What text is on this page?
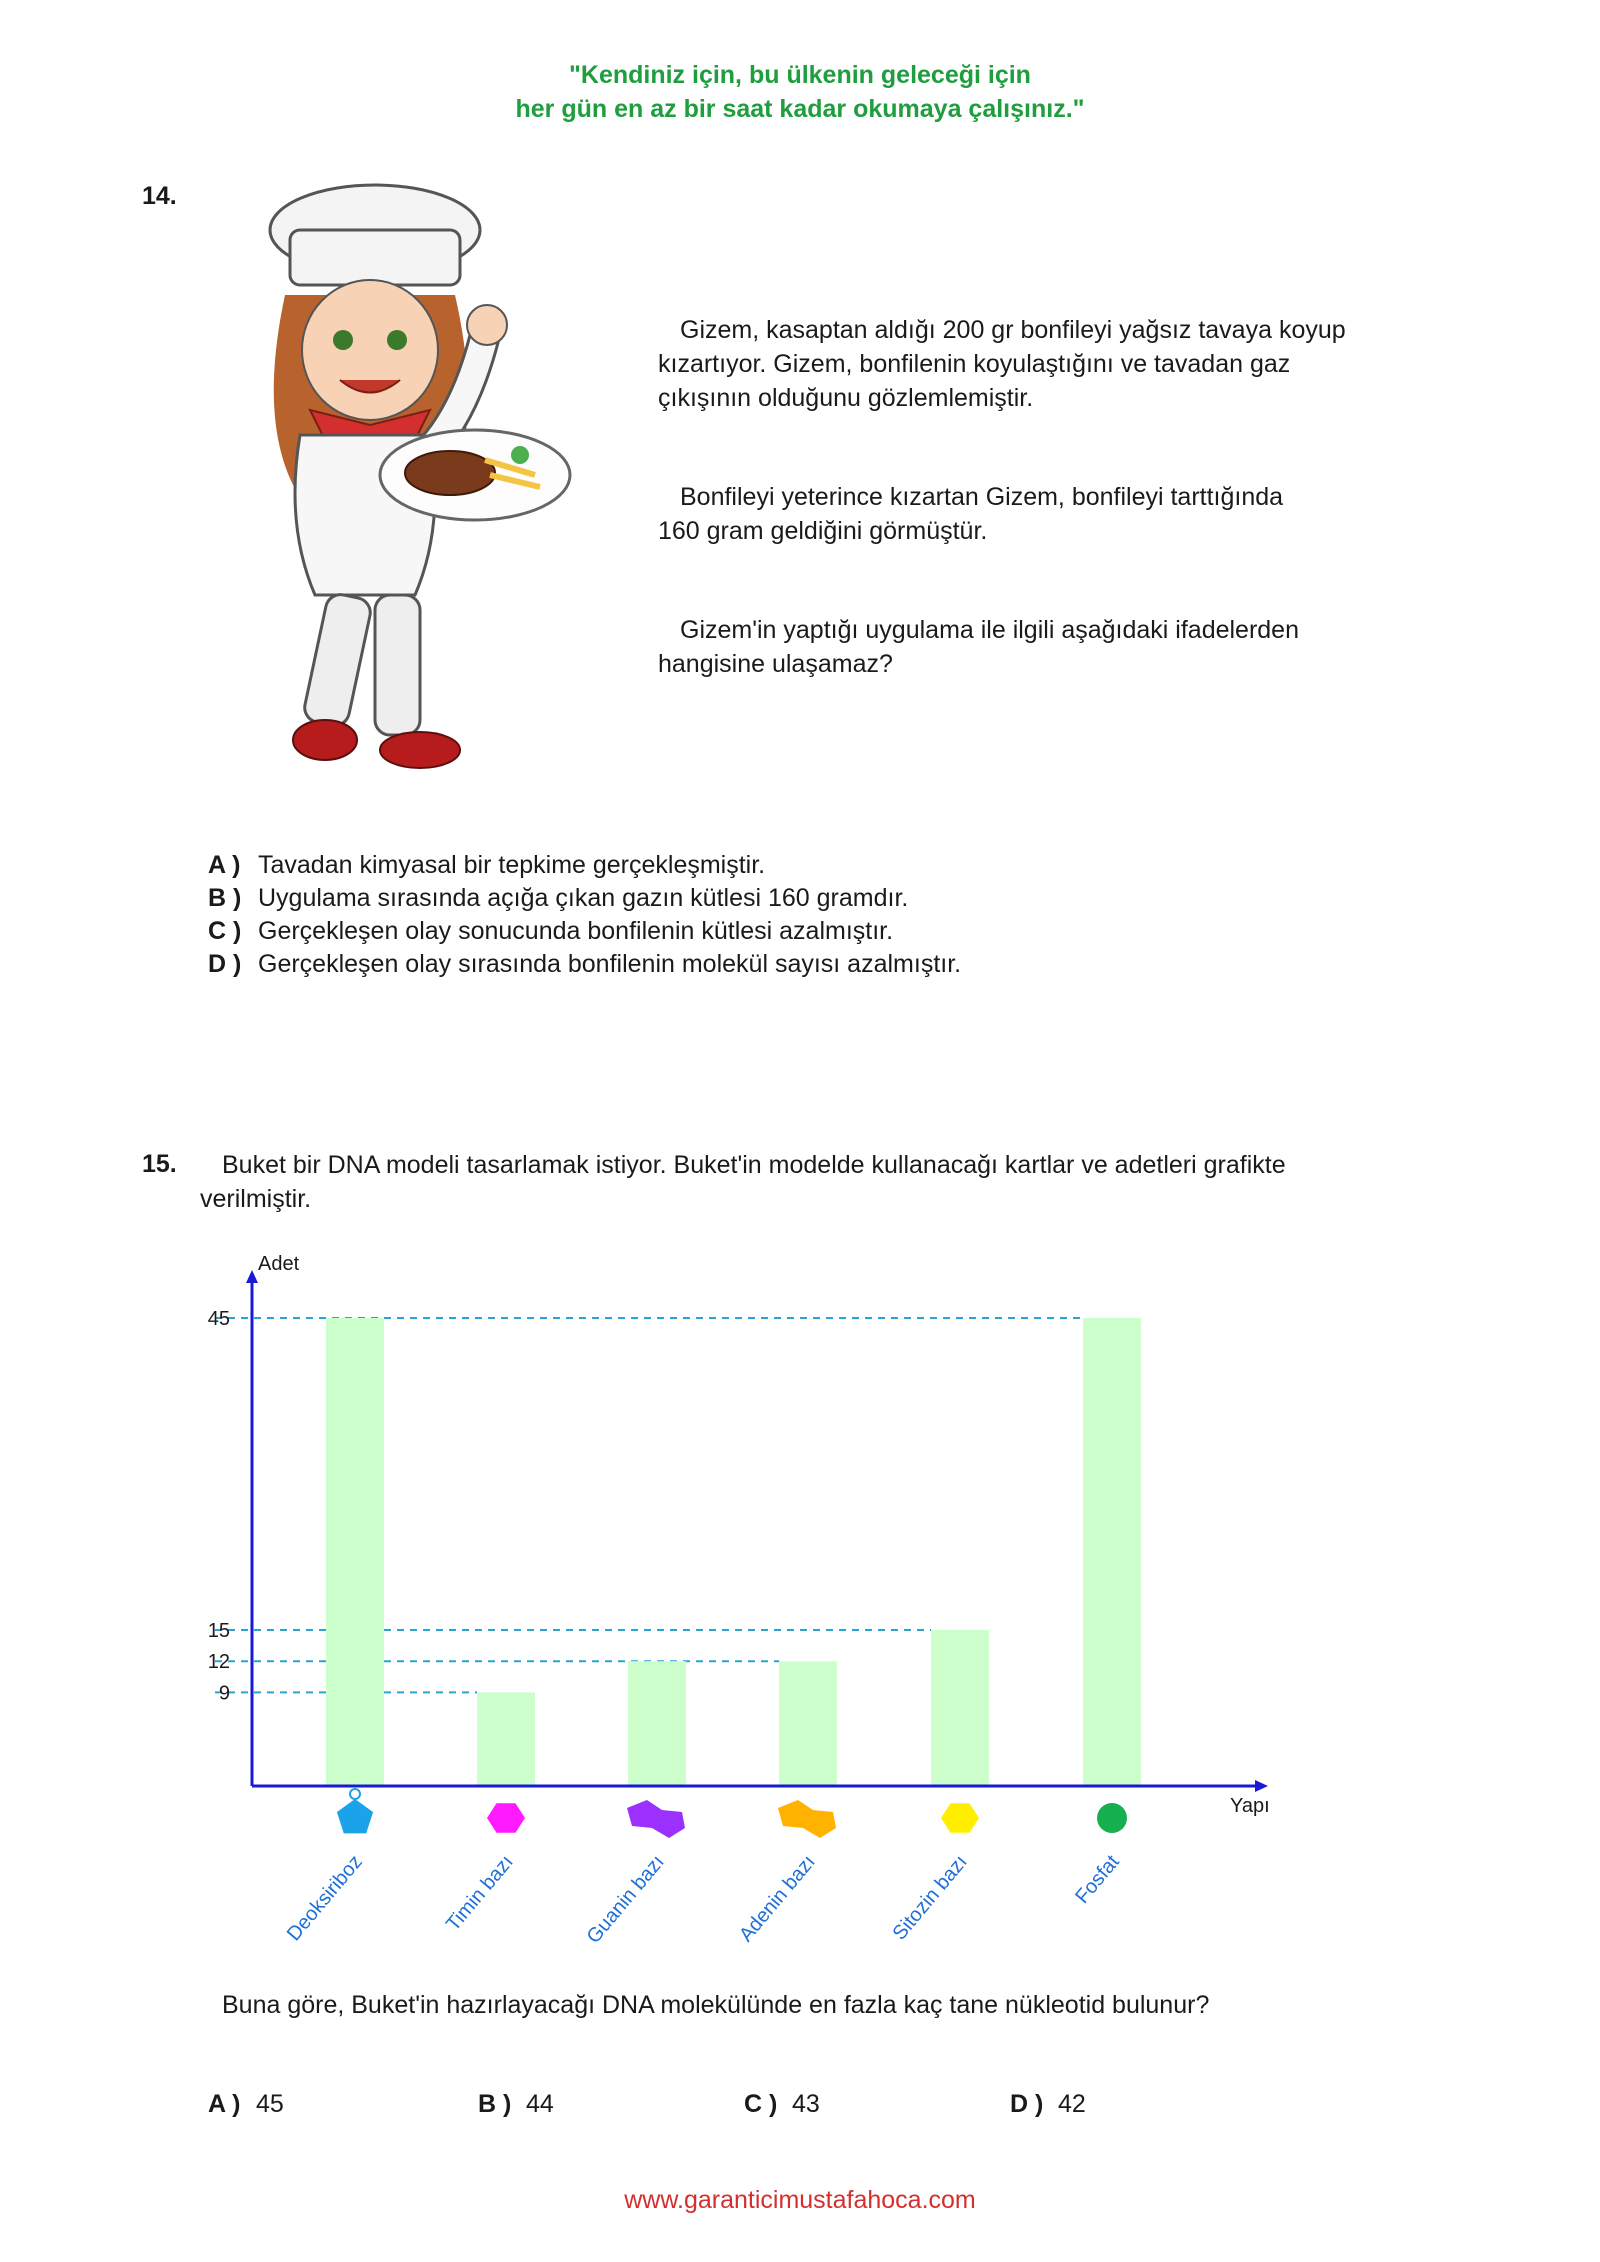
"Kendiniz için, bu ülkenin geleceği için
her gün en az bir saat kadar okumaya çalışınız."
14.
Gizem, kasaptan aldığı 200 gr bonfileyi yağsız tavaya koyup
kızartıyor. Gizem, bonfilenin koyulaştığını ve tavadan gaz
çıkışının olduğunu gözlemlemiştir.
Bonfileyi yeterince kızartan Gizem, bonfileyi tarttığında
160 gram geldiğini görmüştür.
Gizem'in yaptığı uygulama ile ilgili aşağıdaki ifadelerden
hangisine ulaşamaz?
A ) Tavadan kimyasal bir tepkime gerçekleşmiştir.
B ) Uygulama sırasında açığa çıkan gazın kütlesi 160 gramdır.
C ) Gerçekleşen olay sonucunda bonfilenin kütlesi azalmıştır.
D ) Gerçekleşen olay sırasında bonfilenin molekül sayısı azalmıştır.
15. Buket bir DNA modeli tasarlamak istiyor. Buket'in modelde kullanacağı kartlar ve adetleri grafikte
verilmiştir.
Adet
Yapı
9
12
15
45
Deoksiriboz	Timin bazı	Guanin bazı	Adenin bazı	Sitozin bazı	Fosfat
Buna göre, Buket'in hazırlayacağı DNA molekülünde en fazla kaç tane nükleotid bulunur?
A ) 45	B ) 44	C ) 43	D ) 42
www.garanticimustafahoca.com
